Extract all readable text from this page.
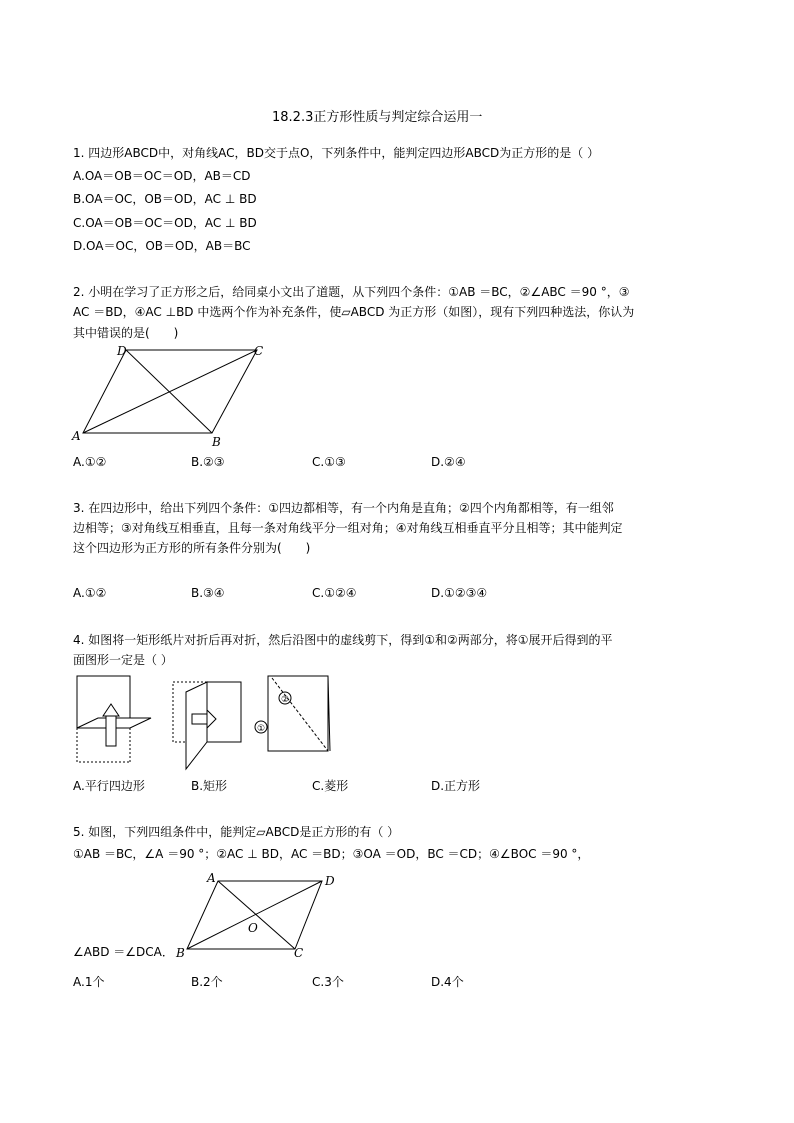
18.2.3正方形性质与判定综合运用一
1. 四边形ABCD中，对角线AC，BD交于点O，下列条件中，能判定四边形ABCD为正方形的是（ ）
A.OA＝OB＝OC＝OD，AB＝CD
B.OA＝OC，OB＝OD，AC ⊥ BD
C.OA＝OB＝OC＝OD，AC ⊥ BD
D.OA＝OC，OB＝OD，AB＝BC
2. 小明在学习了正方形之后，给同桌小文出了道题，从下列四个条件：①AB ＝BC，②∠ABC ＝90 °，③
AC ＝BD，④AC ⊥BD 中选两个作为补充条件，使▱ABCD 为正方形（如图），现有下列四种选法，你认为
其中错误的是(　　)
A	B
C
D
A.①②	B.②③	C.①③	D.②④
3. 在四边形中，给出下列四个条件：①四边都相等，有一个内角是直角；②四个内角都相等，有一组邻
边相等；③对角线互相垂直，且每一条对角线平分一组对角；④对角线互相垂直平分且相等；其中能判定
这个四边形为正方形的所有条件分别为(　　)
A.①②	B.③④	C.①②④	D.①②③④
4. 如图将一矩形纸片对折后再对折，然后沿图中的虚线剪下，得到①和②两部分，将①展开后得到的平
面图形一定是（ ）
②
①
A.平行四边形	B.矩形	C.菱形	D.正方形
5. 如图，下列四组条件中，能判定▱ABCD是正方形的有（ ）
①AB ＝BC，∠A ＝90 °；②AC ⊥ BD，AC ＝BD；③OA ＝OD，BC ＝CD；④∠BOC ＝90 °，
A
B	C
D
O
∠ABD ＝∠DCA．
A.1个	B.2个	C.3个	D.4个
